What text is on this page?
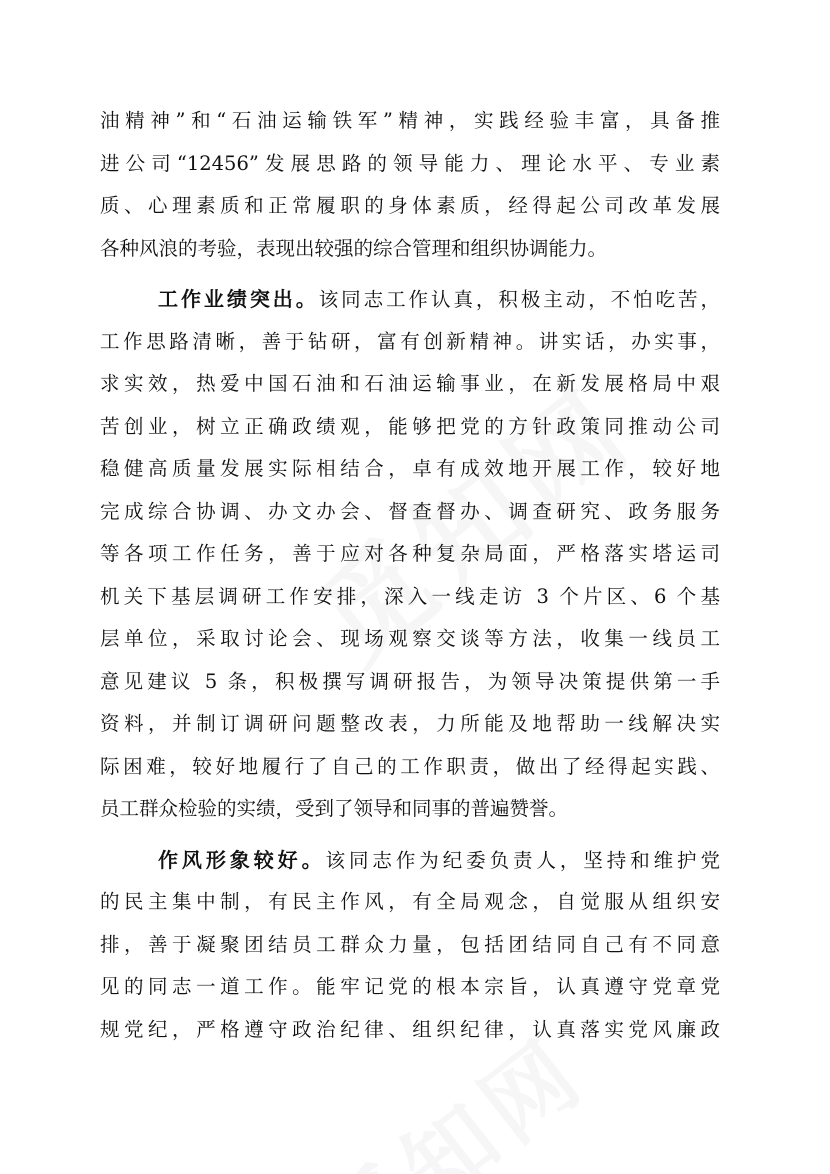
油精神”和“石油运输铁军”精神，实践经验丰富，具备推
进公司“12456”发展思路的领导能力、理论水平、专业素
质、心理素质和正常履职的身体素质，经得起公司改革发展
各种风浪的考验，表现出较强的综合管理和组织协调能力。
工作业绩突出。该同志工作认真，积极主动，不怕吃苦，
工作思路清晰，善于钻研，富有创新精神。讲实话，办实事，
求实效，热爱中国石油和石油运输事业，在新发展格局中艰
苦创业，树立正确政绩观，能够把党的方针政策同推动公司
稳健高质量发展实际相结合，卓有成效地开展工作，较好地
完成综合协调、办文办会、督查督办、调查研究、政务服务
等各项工作任务，善于应对各种复杂局面，严格落实塔运司
机关下基层调研工作安排，深入一线走访 3 个片区、6 个基
层单位，采取讨论会、现场观察交谈等方法，收集一线员工
意见建议 5 条，积极撰写调研报告，为领导决策提供第一手
资料，并制订调研问题整改表，力所能及地帮助一线解决实
际困难，较好地履行了自己的工作职责，做出了经得起实践、
员工群众检验的实绩，受到了领导和同事的普遍赞誉。
作风形象较好。该同志作为纪委负责人，坚持和维护党
的民主集中制，有民主作风，有全局观念，自觉服从组织安
排，善于凝聚团结员工群众力量，包括团结同自己有不同意
见的同志一道工作。能牢记党的根本宗旨，认真遵守党章党
规党纪，严格遵守政治纪律、组织纪律，认真落实党风廉政
